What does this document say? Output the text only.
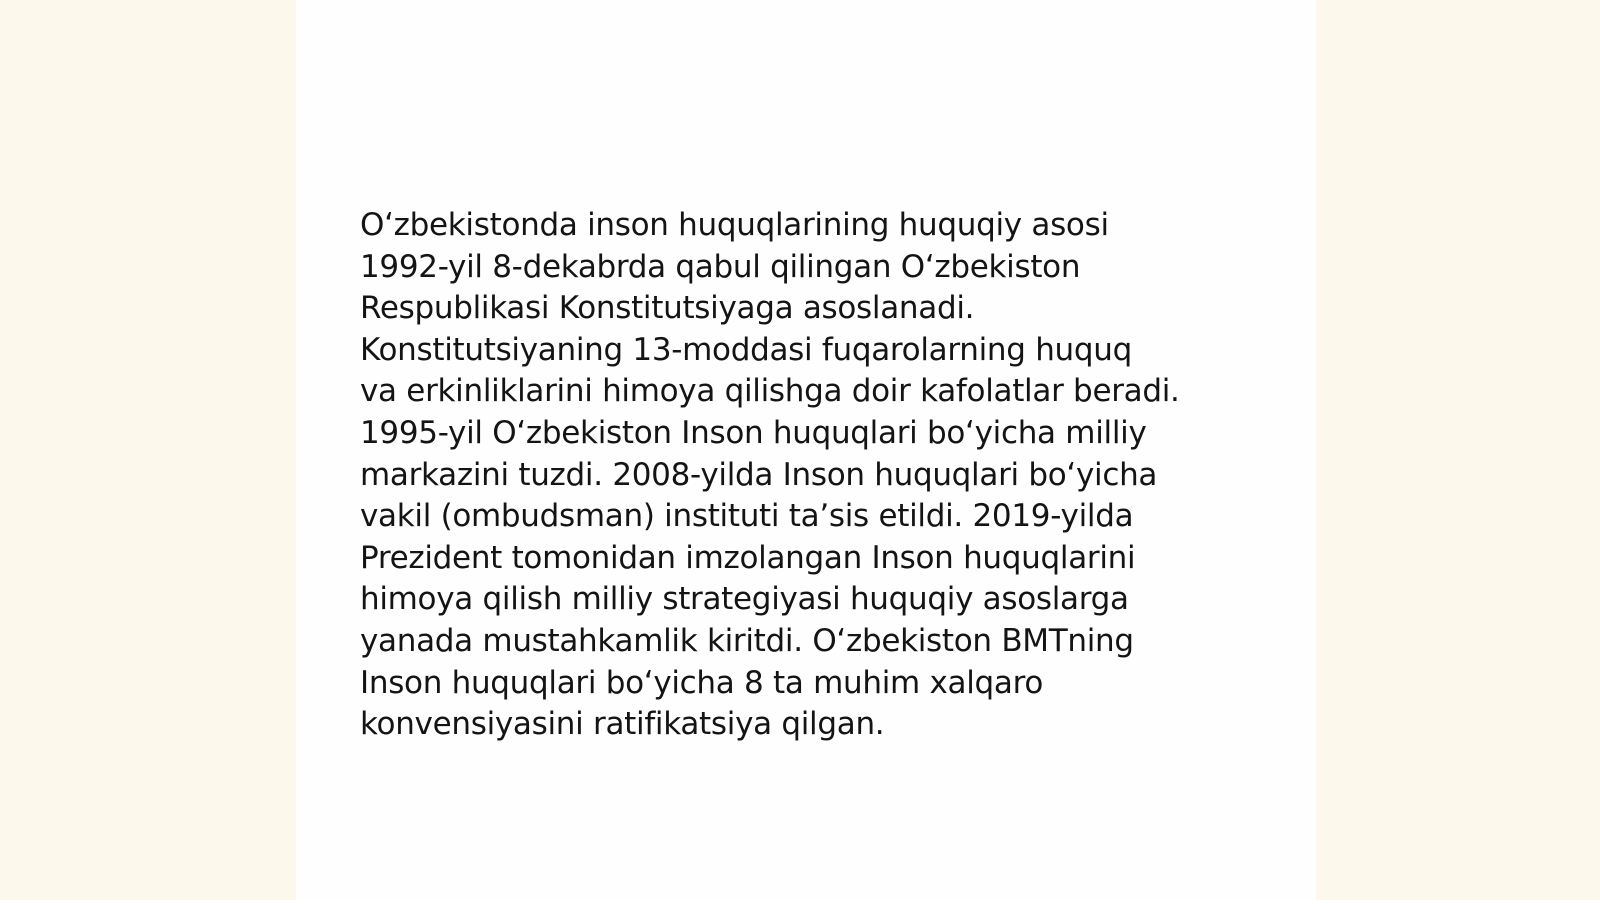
O‘zbekistonda inson huquqlarining huquqiy asosi
1992-yil 8-dekabrda qabul qilingan O‘zbekiston
Respublikasi Konstitutsiyaga asoslanadi.
Konstitutsiyaning 13-moddasi fuqarolarning huquq
va erkinliklarini himoya qilishga doir kafolatlar beradi.
1995-yil O‘zbekiston Inson huquqlari bo‘yicha milliy
markazini tuzdi. 2008-yilda Inson huquqlari bo‘yicha
vakil (ombudsman) instituti ta’sis etildi. 2019-yilda
Prezident tomonidan imzolangan Inson huquqlarini
himoya qilish milliy strategiyasi huquqiy asoslarga
yanada mustahkamlik kiritdi. O‘zbekiston BMTning
Inson huquqlari bo‘yicha 8 ta muhim xalqaro
konvensiyasini ratifikatsiya qilgan.
